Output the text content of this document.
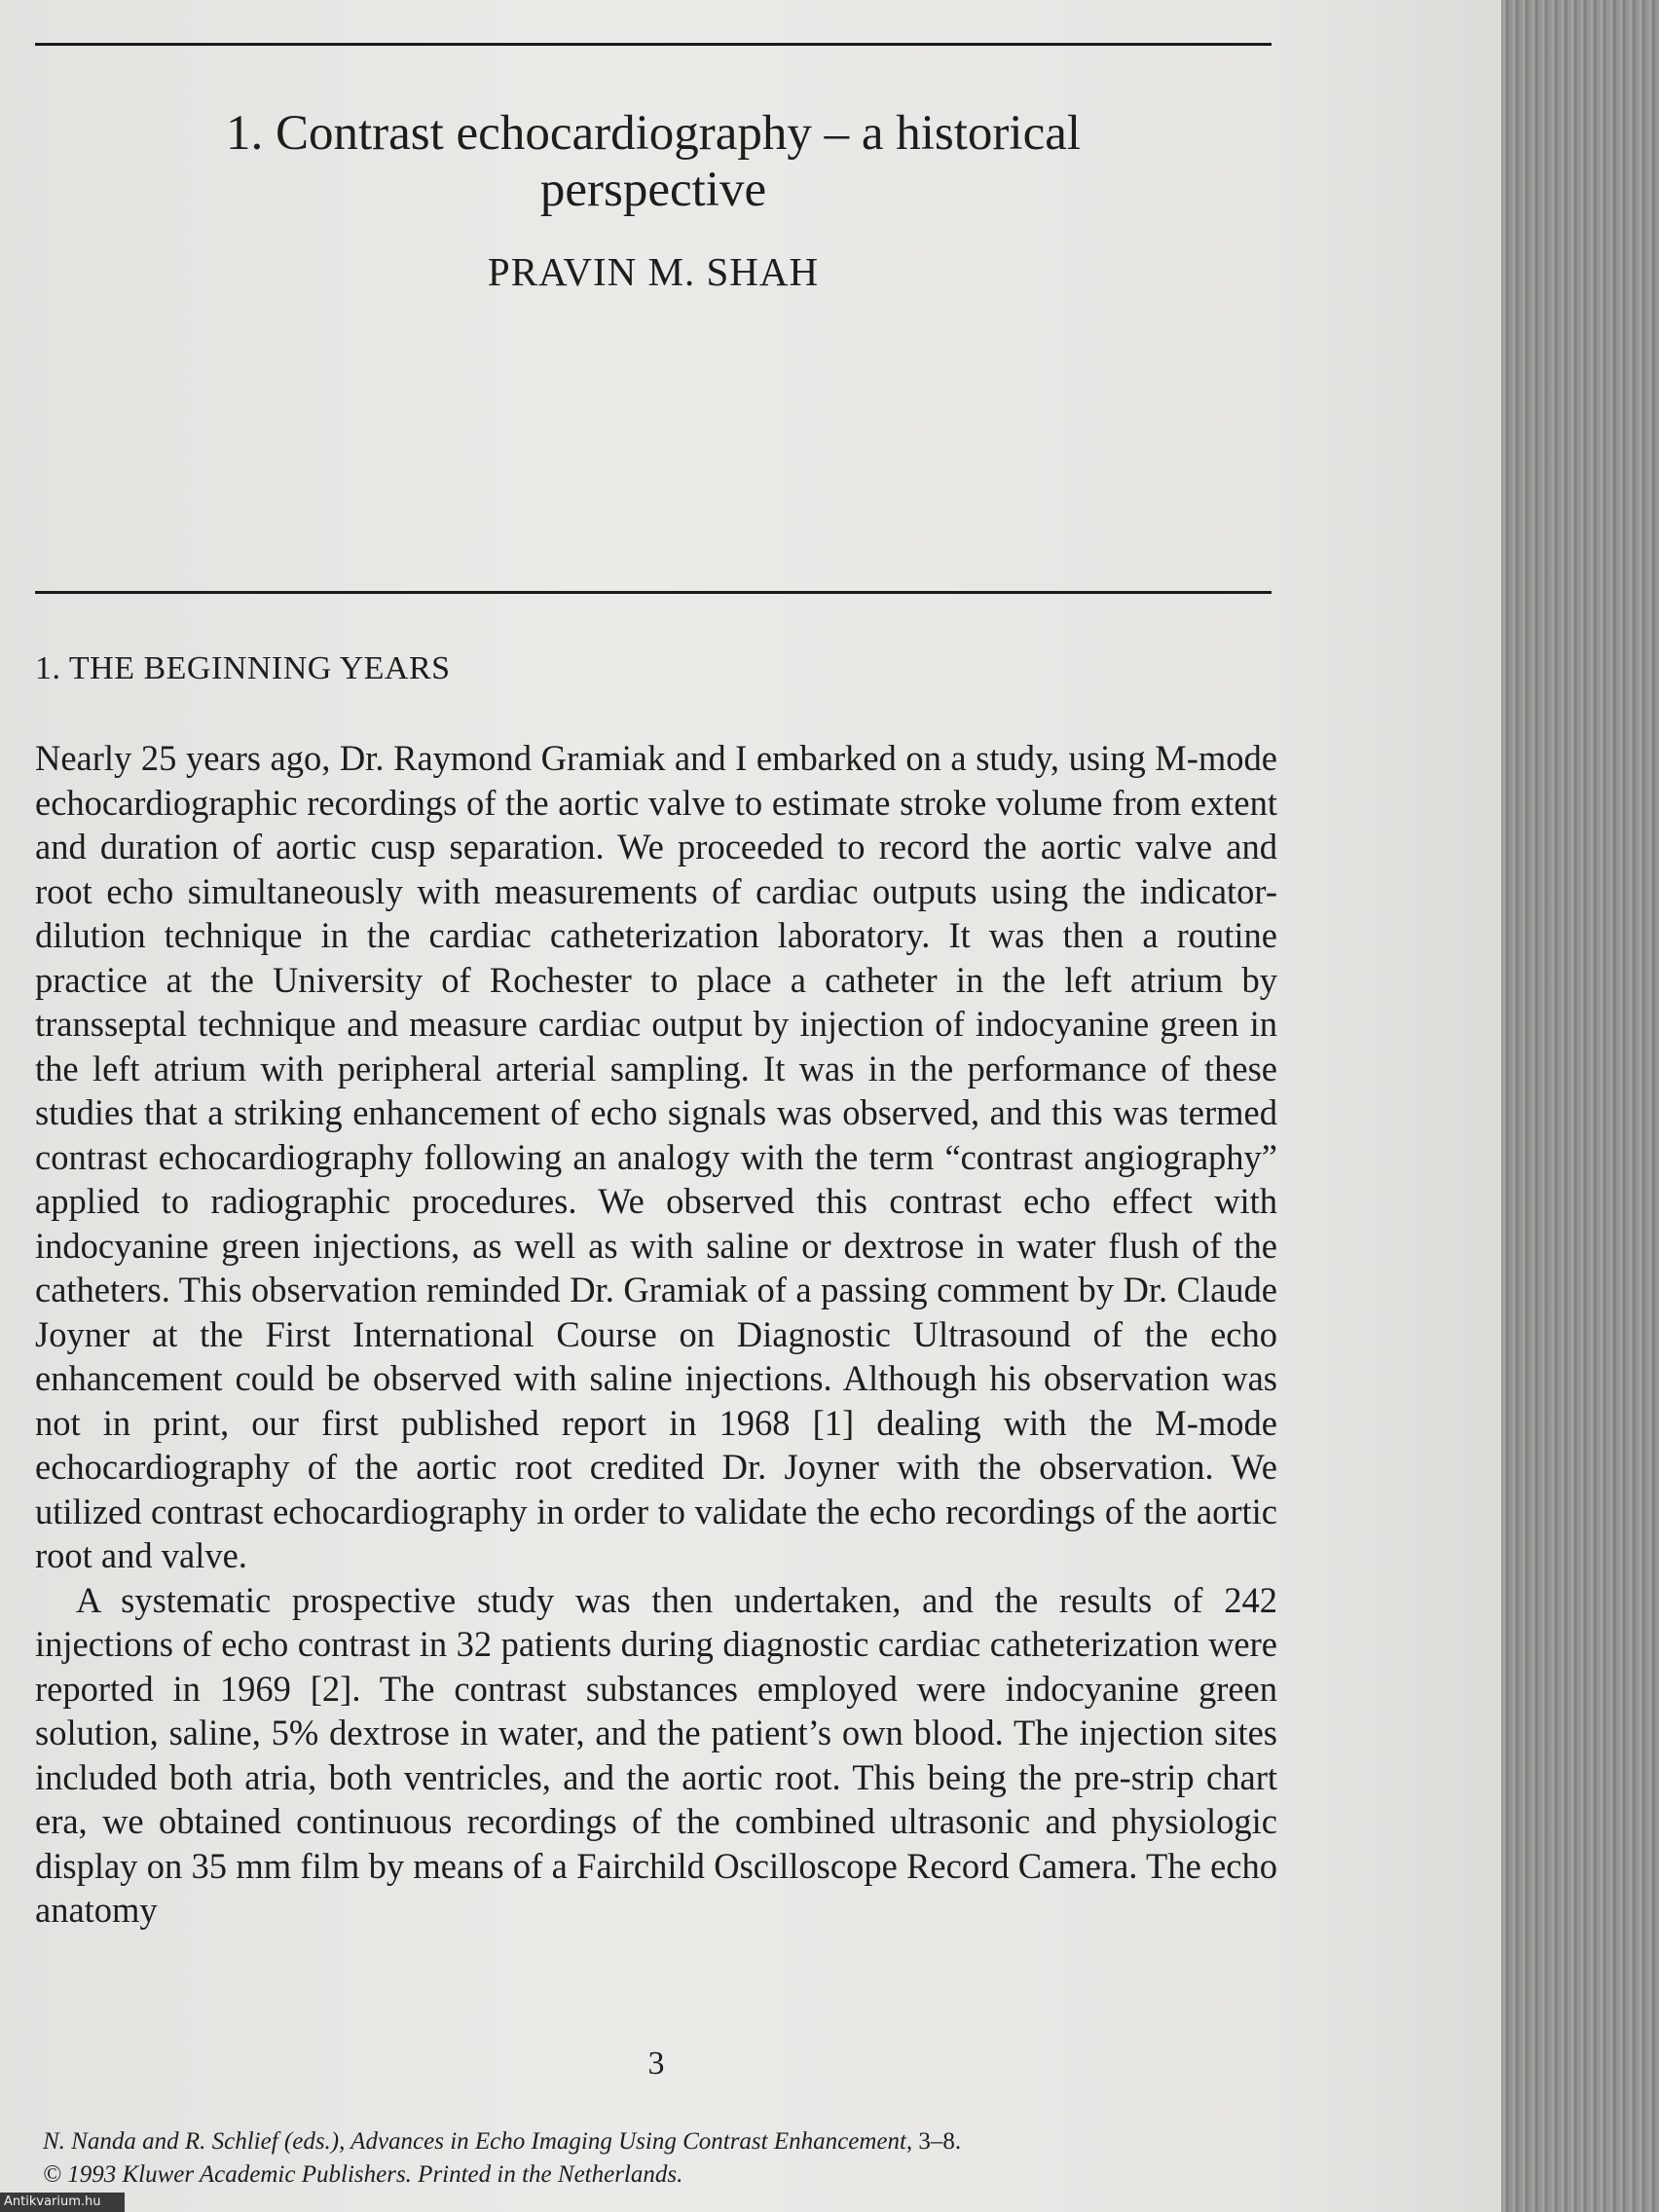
1. Contrast echocardiography – a historical
perspective
PRAVIN M. SHAH
1. THE BEGINNING YEARS

Nearly 25 years ago, Dr. Raymond Gramiak and I embarked on a study, using M-mode echocardiographic recordings of the aortic valve to estimate stroke volume from extent and duration of aortic cusp separation. We proceeded to record the aortic valve and root echo simultaneously with measurements of cardiac outputs using the indicator-dilution technique in the cardiac catheterization laboratory. It was then a routine practice at the University of Rochester to place a catheter in the left atrium by transseptal technique and measure cardiac output by injection of indocyanine green in the left atrium with peripheral arterial sampling. It was in the performance of these studies that a striking enhancement of echo signals was observed, and this was termed contrast echocardiography following an analogy with the term “contrast angiography” applied to radiographic procedures. We observed this contrast echo effect with indocyanine green injections, as well as with saline or dextrose in water flush of the catheters. This observation reminded Dr. Gramiak of a passing comment by Dr. Claude Joyner at the First International Course on Diagnostic Ultrasound of the echo enhancement could be observed with saline injections. Although his observation was not in print, our first published report in 1968 [1] dealing with the M-mode echocardiography of the aortic root credited Dr. Joyner with the observation. We utilized contrast echocardiography in order to validate the echo recordings of the aortic root and valve.

A systematic prospective study was then undertaken, and the results of 242 injections of echo contrast in 32 patients during diagnostic cardiac catheterization were reported in 1969 [2]. The contrast substances employed were indocyanine green solution, saline, 5% dextrose in water, and the patient’s own blood. The injection sites included both atria, both ventricles, and the aortic root. This being the pre-strip chart era, we obtained continuous recordings of the combined ultrasonic and physiologic display on 35 mm film by means of a Fairchild Oscilloscope Record Camera. The echo anatomy

3
N. Nanda and R. Schlief (eds.), Advances in Echo Imaging Using Contrast Enhancement, 3–8.
© 1993 Kluwer Academic Publishers. Printed in the Netherlands.
Antikvarium.hu
